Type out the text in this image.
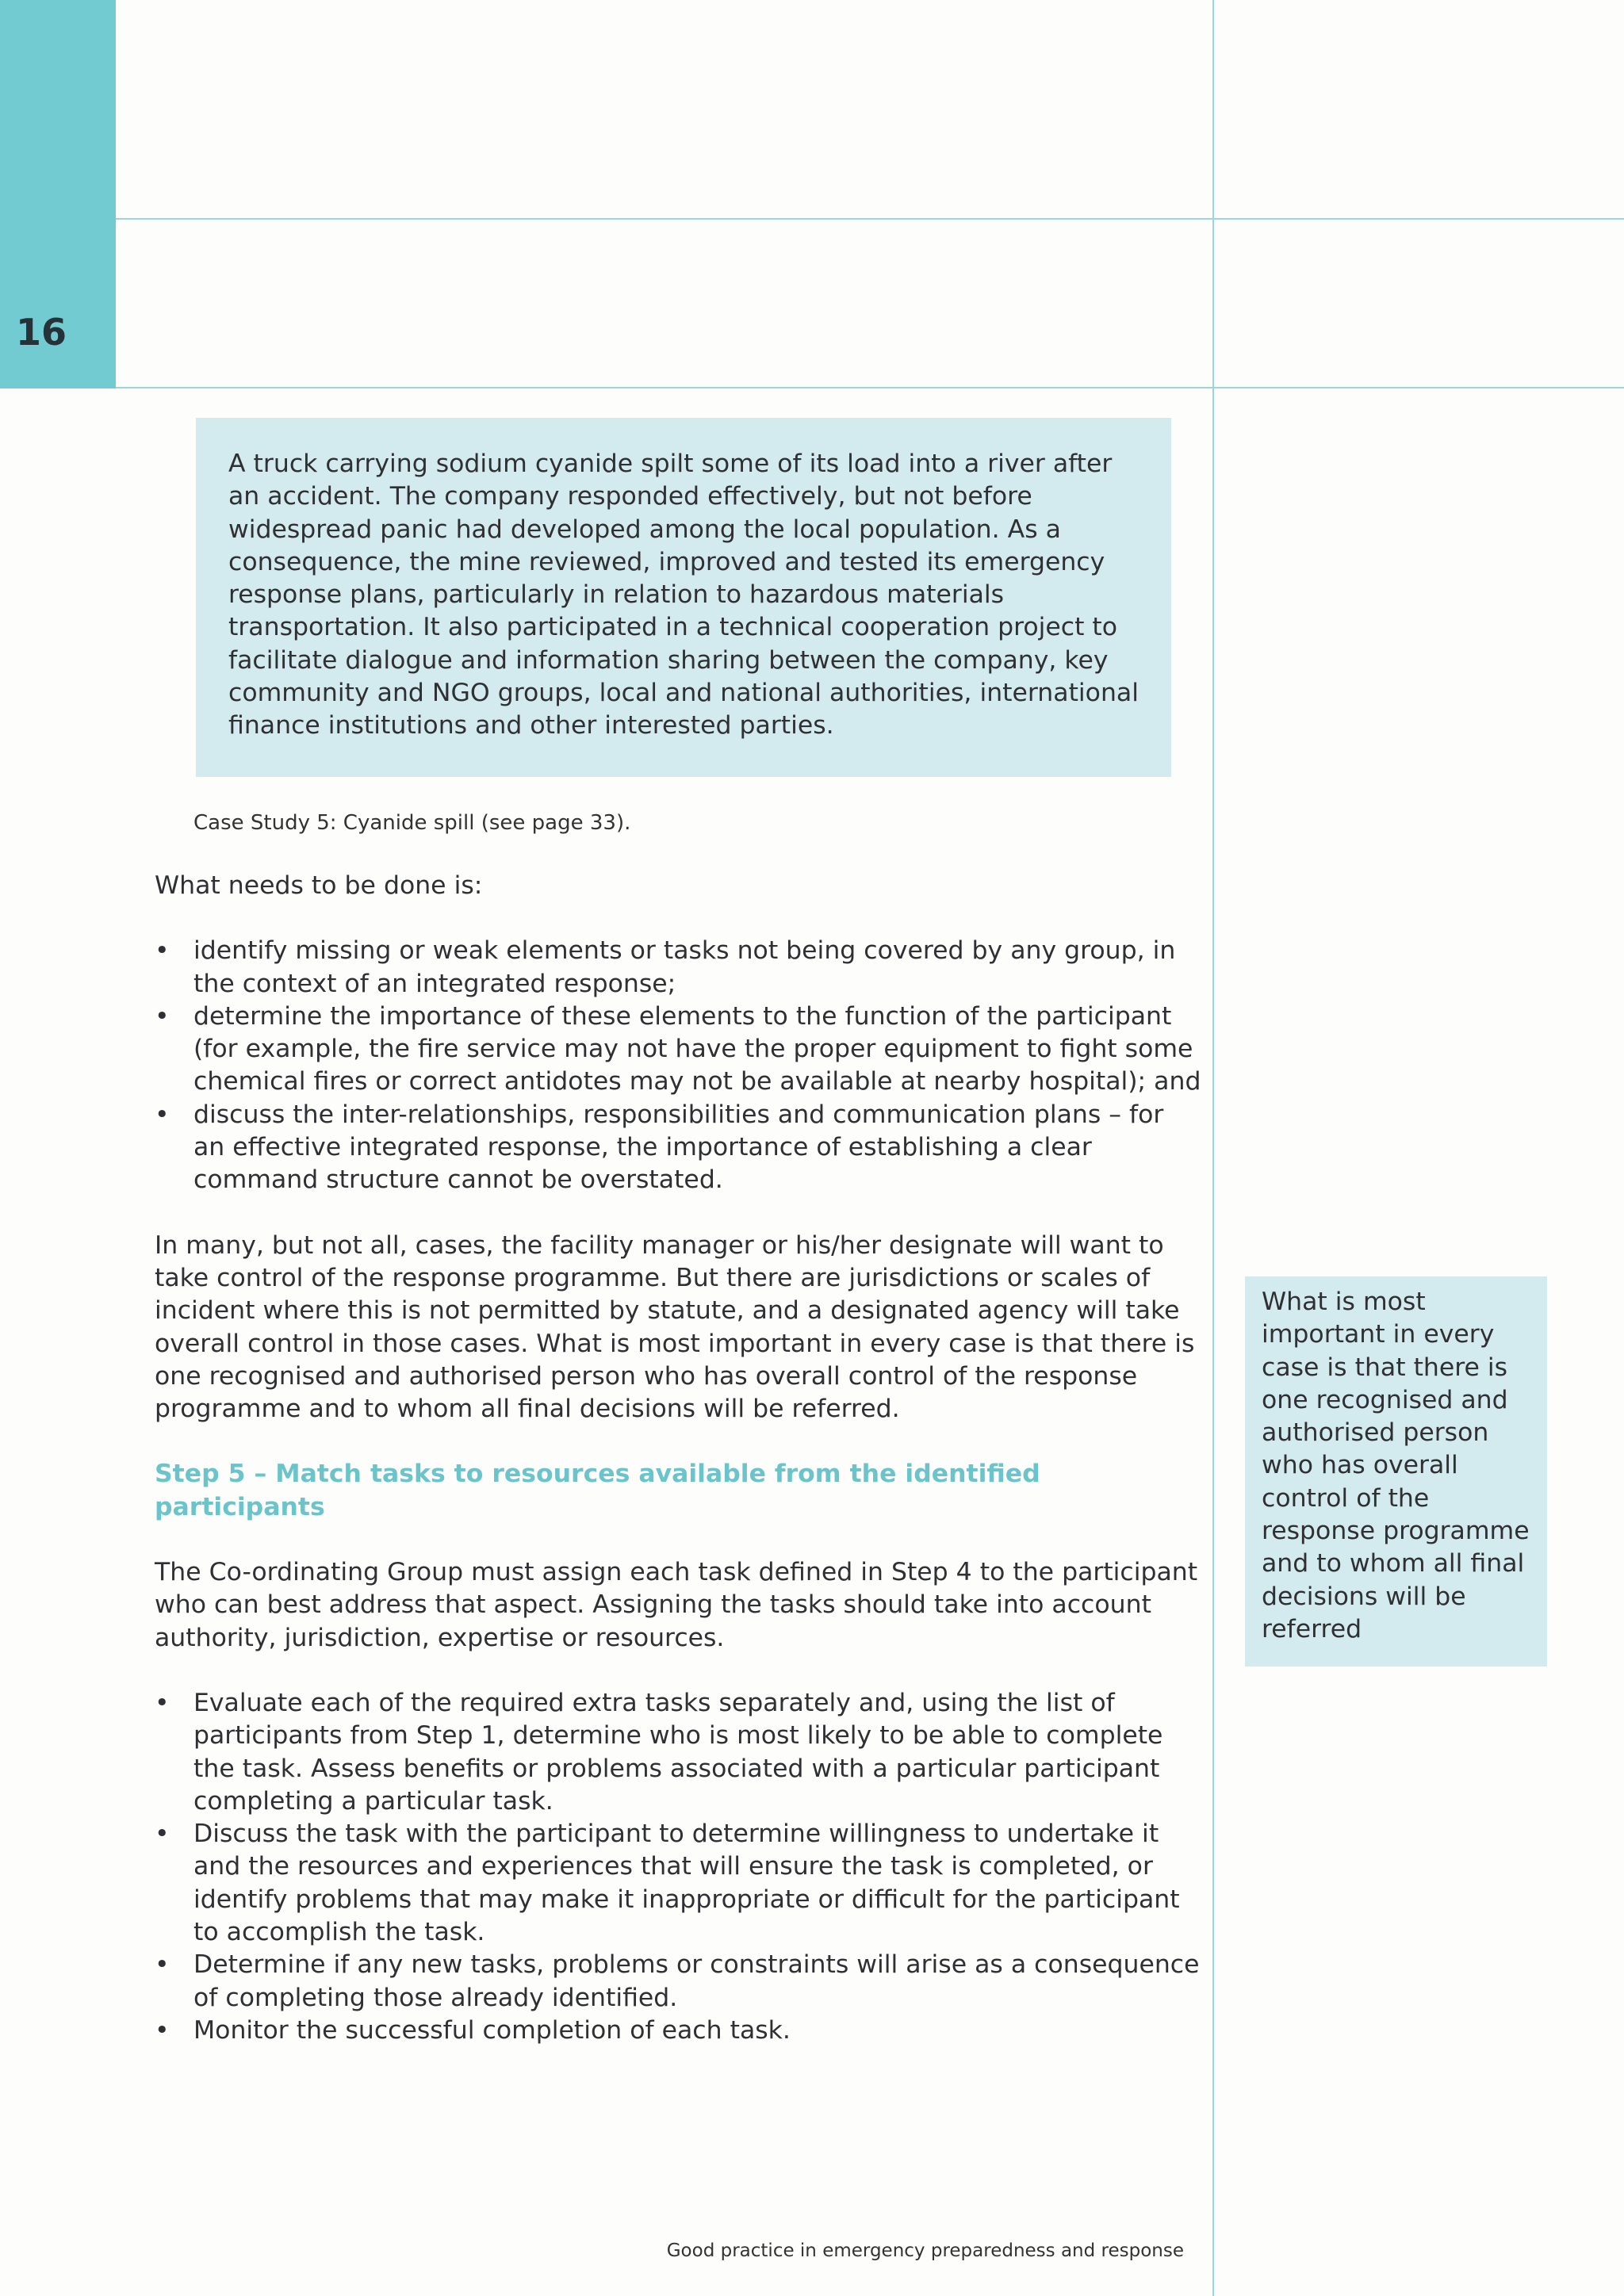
16

A truck carrying sodium cyanide spilt some of its load into a river after an accident. The company responded effectively, but not before widespread panic had developed among the local population. As a consequence, the mine reviewed, improved and tested its emergency response plans, particularly in relation to hazardous materials transportation. It also participated in a technical cooperation project to facilitate dialogue and information sharing between the company, key community and NGO groups, local and national authorities, international finance institutions and other interested parties.

Case Study 5: Cyanide spill (see page 33).

What needs to be done is:

• identify missing or weak elements or tasks not being covered by any group, in the context of an integrated response;
• determine the importance of these elements to the function of the participant (for example, the fire service may not have the proper equipment to fight some chemical fires or correct antidotes may not be available at nearby hospital); and
• discuss the inter-relationships, responsibilities and communication plans – for an effective integrated response, the importance of establishing a clear command structure cannot be overstated.

In many, but not all, cases, the facility manager or his/her designate will want to take control of the response programme. But there are jurisdictions or scales of incident where this is not permitted by statute, and a designated agency will take overall control in those cases. What is most important in every case is that there is one recognised and authorised person who has overall control of the response programme and to whom all final decisions will be referred.

Step 5 – Match tasks to resources available from the identified participants

The Co-ordinating Group must assign each task defined in Step 4 to the participant who can best address that aspect. Assigning the tasks should take into account authority, jurisdiction, expertise or resources.

• Evaluate each of the required extra tasks separately and, using the list of participants from Step 1, determine who is most likely to be able to complete the task. Assess benefits or problems associated with a particular participant completing a particular task.
• Discuss the task with the participant to determine willingness to undertake it and the resources and experiences that will ensure the task is completed, or identify problems that may make it inappropriate or difficult for the participant to accomplish the task.
• Determine if any new tasks, problems or constraints will arise as a consequence of completing those already identified.
• Monitor the successful completion of each task.

What is most important in every case is that there is one recognised and authorised person who has overall control of the response programme and to whom all final decisions will be referred

Good practice in emergency preparedness and response
